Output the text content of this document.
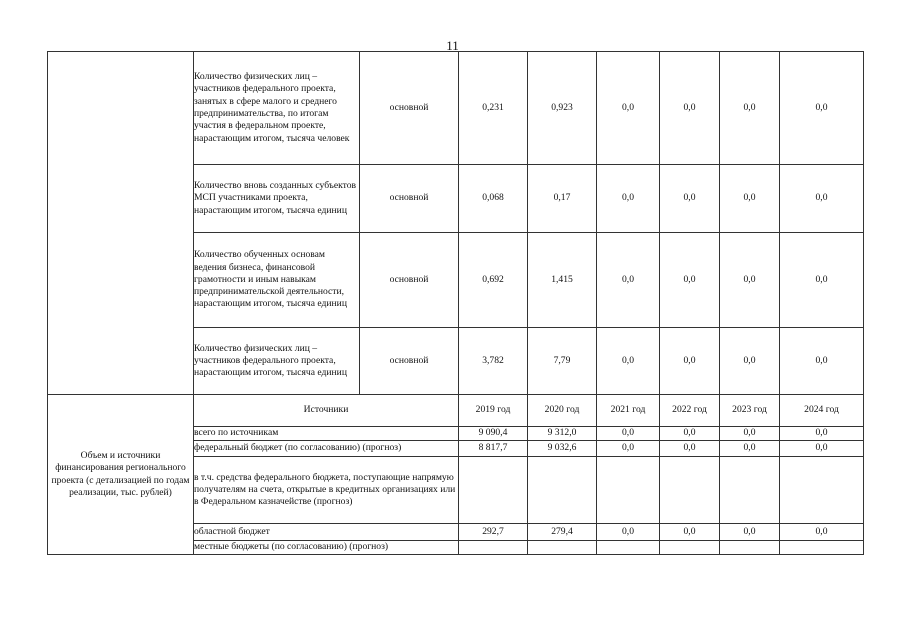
11
	Количество физических лиц – участников федерального проекта, занятых в сфере малого и среднего предпринимательства, по итогам участия в федеральном проекте, нарастающим итогом, тысяча человек	основной	0,231	0,923	0,0	0,0	0,0	0,0
	Количество вновь созданных субъектов МСП участниками проекта, нарастающим итогом, тысяча единиц	основной	0,068	0,17	0,0	0,0	0,0	0,0
	Количество обученных основам ведения бизнеса, финансовой грамотности и иным навыкам предпринимательской деятельности, нарастающим итогом, тысяча единиц	основной	0,692	1,415	0,0	0,0	0,0	0,0
	Количество физических лиц – участников федерального проекта, нарастающим итогом, тысяча единиц	основной	3,782	7,79	0,0	0,0	0,0	0,0
Объем и источники финансирования регионального проекта (с детализацией по годам реализации, тыс. рублей)	Источники		2019 год	2020 год	2021 год	2022 год	2023 год	2024 год
	всего по источникам		9 090,4	9 312,0	0,0	0,0	0,0	0,0
	федеральный бюджет (по согласованию) (прогноз)		8 817,7	9 032,6	0,0	0,0	0,0	0,0
	в т.ч. средства федерального бюджета, поступающие напрямую получателям на счета, открытые в кредитных организациях или в Федеральном казначействе (прогноз)							
	областной бюджет		292,7	279,4	0,0	0,0	0,0	0,0
	местные бюджеты (по согласованию) (прогноз)							
